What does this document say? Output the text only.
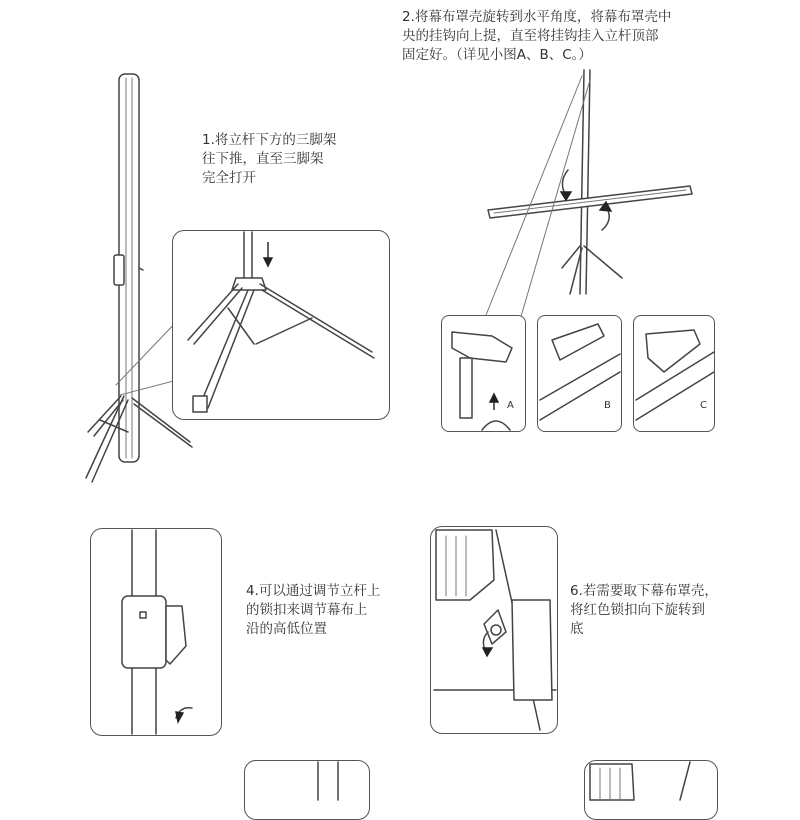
1.将立杆下方的三脚架
往下推，直至三脚架
完全打开
2.将幕布罩壳旋转到水平角度，将幕布罩壳中
央的挂钩向上提，直至将挂钩挂入立杆顶部
固定好。（详见小图A、B、C。）
A	B	C
4.可以通过调节立杆上
的锁扣来调节幕布上
沿的高低位置
6.若需要取下幕布罩壳，
将红色锁扣向下旋转到
底
